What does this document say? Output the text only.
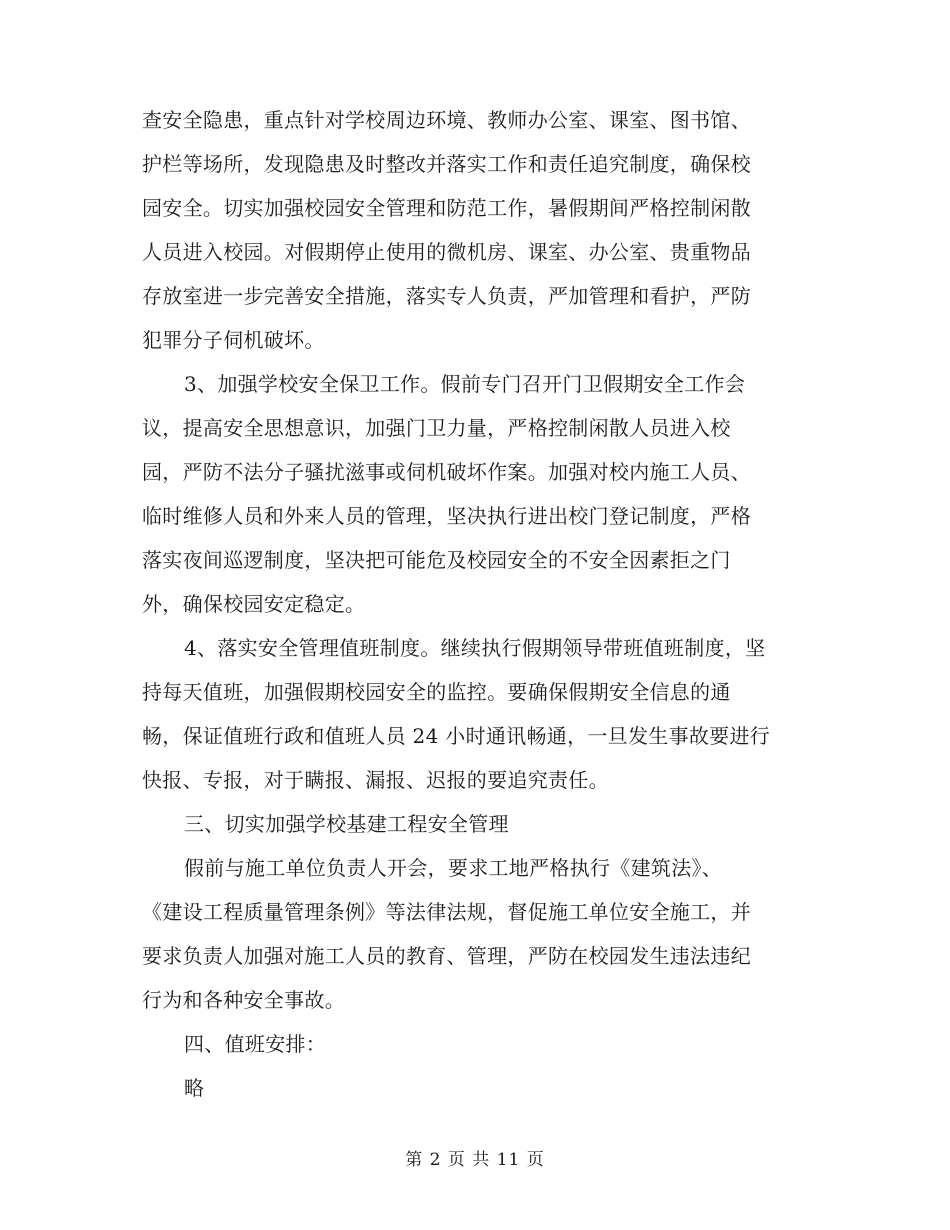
查安全隐患，重点针对学校周边环境、教师办公室、课室、图书馆、
护栏等场所，发现隐患及时整改并落实工作和责任追究制度，确保校
园安全。切实加强校园安全管理和防范工作，暑假期间严格控制闲散
人员进入校园。对假期停止使用的微机房、课室、办公室、贵重物品
存放室进一步完善安全措施，落实专人负责，严加管理和看护，严防
犯罪分子伺机破坏。
3、加强学校安全保卫工作。假前专门召开门卫假期安全工作会
议，提高安全思想意识，加强门卫力量，严格控制闲散人员进入校
园，严防不法分子骚扰滋事或伺机破坏作案。加强对校内施工人员、
临时维修人员和外来人员的管理，坚决执行进出校门登记制度，严格
落实夜间巡逻制度，坚决把可能危及校园安全的不安全因素拒之门
外，确保校园安定稳定。
4、落实安全管理值班制度。继续执行假期领导带班值班制度，坚
持每天值班，加强假期校园安全的监控。要确保假期安全信息的通
畅，保证值班行政和值班人员 24 小时通讯畅通，一旦发生事故要进行
快报、专报，对于瞒报、漏报、迟报的要追究责任。
三、切实加强学校基建工程安全管理
假前与施工单位负责人开会，要求工地严格执行《建筑法》、
《建设工程质量管理条例》等法律法规，督促施工单位安全施工，并
要求负责人加强对施工人员的教育、管理，严防在校园发生违法违纪
行为和各种安全事故。
四、值班安排：
略
第 2 页 共 11 页
